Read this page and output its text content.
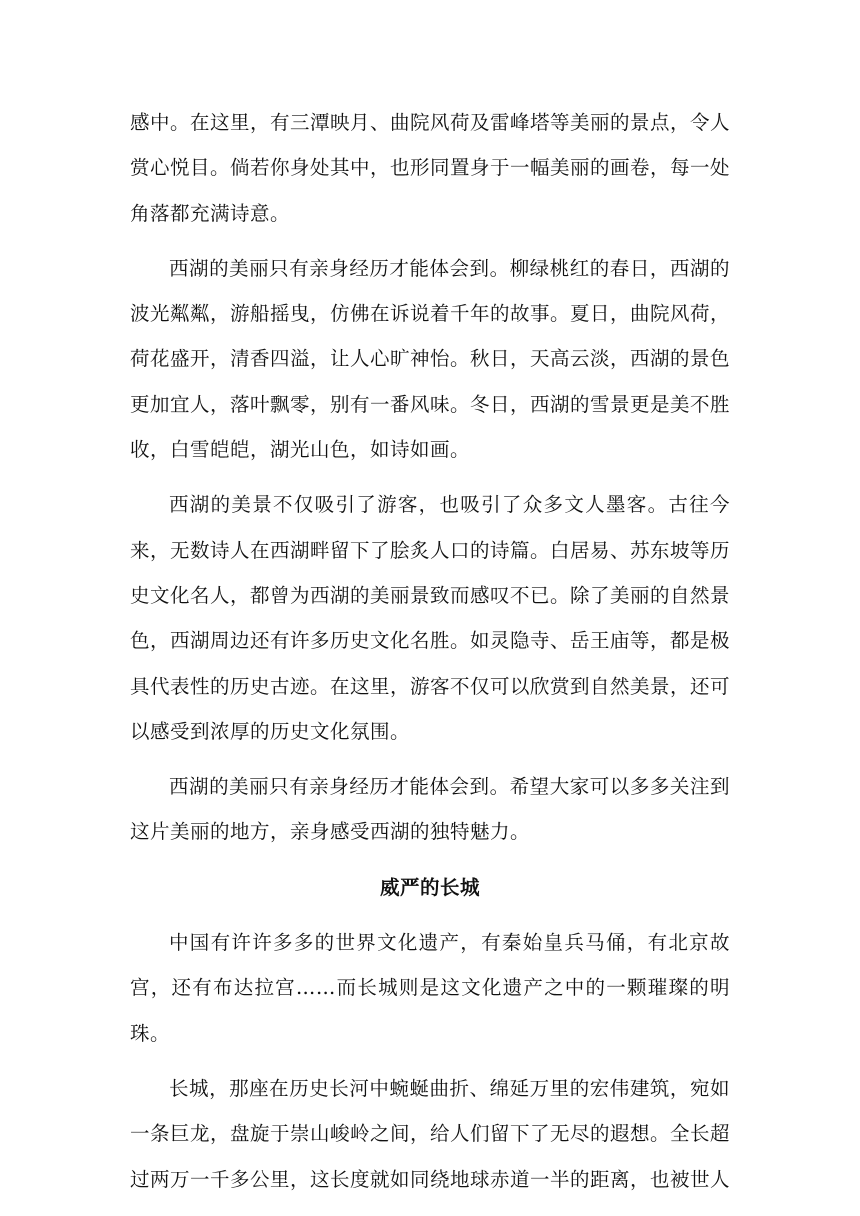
感中。在这里，有三潭映月、曲院风荷及雷峰塔等美丽的景点，令人赏心悦目。倘若你身处其中，也形同置身于一幅美丽的画卷，每一处角落都充满诗意。

西湖的美丽只有亲身经历才能体会到。柳绿桃红的春日，西湖的波光粼粼，游船摇曳，仿佛在诉说着千年的故事。夏日，曲院风荷，荷花盛开，清香四溢，让人心旷神怡。秋日，天高云淡，西湖的景色更加宜人，落叶飘零，别有一番风味。冬日，西湖的雪景更是美不胜收，白雪皑皑，湖光山色，如诗如画。

西湖的美景不仅吸引了游客，也吸引了众多文人墨客。古往今来，无数诗人在西湖畔留下了脍炙人口的诗篇。白居易、苏东坡等历史文化名人，都曾为西湖的美丽景致而感叹不已。除了美丽的自然景色，西湖周边还有许多历史文化名胜。如灵隐寺、岳王庙等，都是极具代表性的历史古迹。在这里，游客不仅可以欣赏到自然美景，还可以感受到浓厚的历史文化氛围。

西湖的美丽只有亲身经历才能体会到。希望大家可以多多关注到这片美丽的地方，亲身感受西湖的独特魅力。

威严的长城

中国有许许多多的世界文化遗产，有秦始皇兵马俑，有北京故宫，还有布达拉宫……而长城则是这文化遗产之中的一颗璀璨的明珠。

长城，那座在历史长河中蜿蜒曲折、绵延万里的宏伟建筑，宛如一条巨龙，盘旋于崇山峻岭之间，给人们留下了无尽的遐想。全长超过两万一千多公里，这长度就如同绕地球赤道一半的距离，也被世人
